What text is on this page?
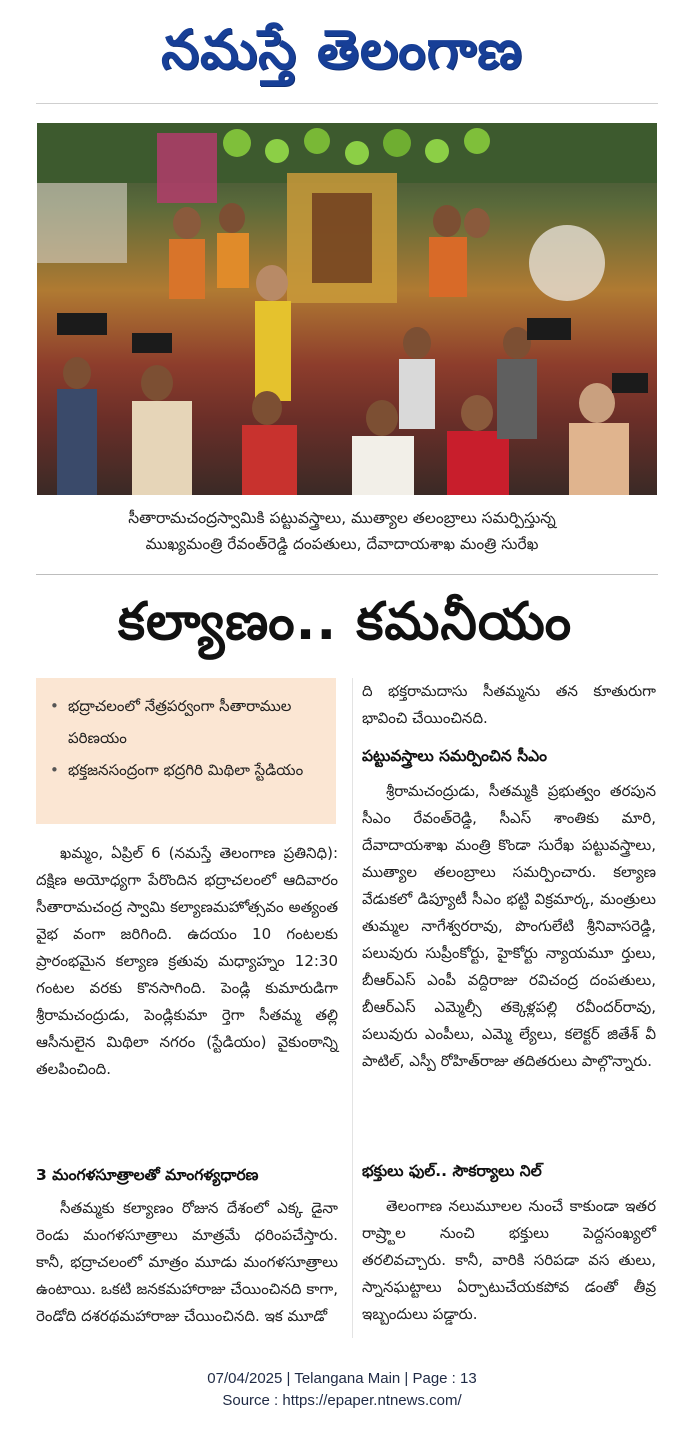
నమస్తే తెలంగాణ
సీతారామచంద్రస్వామికి పట్టువస్త్రాలు, ముత్యాల తలంబ్రాలు సమర్పిస్తున్న
ముఖ్యమంత్రి రేవంత్‌రెడ్డి దంపతులు, దేవాదాయశాఖ మంత్రి సురేఖ
కల్యాణం.. కమనీయం
• భద్రాచలంలో నేత్రపర్వంగా సీతారాముల పరిణయం
• భక్తజనసంద్రంగా భద్రగిరి మిథిలా స్టేడియం

ఖమ్మం, ఏప్రిల్ 6 (నమస్తే తెలంగాణ ప్రతినిధి): దక్షిణ అయోధ్యగా పేరొందిన భద్రాచలంలో ఆదివారం సీతారామచంద్ర స్వామి కల్యాణమహోత్సవం అత్యంత వైభ వంగా జరిగింది. ఉదయం 10 గంటలకు ప్రారంభమైన కల్యాణ క్రతువు మధ్యాహ్నం 12:30 గంటల వరకు కొనసాగింది. పెండ్లి కుమారుడిగా శ్రీరామచంద్రుడు, పెండ్లికుమా ర్తెగా సీతమ్మ తల్లి ఆసీనులైన మిథిలా నగరం (స్టేడియం) వైకుంఠాన్ని తలపించింది.

3 మంగళసూత్రాలతో మాంగళ్యధారణ

సీతమ్మకు కల్యాణం రోజున దేశంలో ఎక్క డైనా రెండు మంగళసూత్రాలు మాత్రమే ధరింపచేస్తారు. కానీ, భద్రాచలంలో మాత్రం మూడు మంగళసూత్రాలు ఉంటాయి. ఒకటి జనకమహారాజు చేయించినది కాగా, రెండోది దశరథమహారాజు చేయించినది. ఇక మూడో

ది భక్తరామదాసు సీతమ్మను తన కూతురుగా భావించి చేయించినది.

పట్టువస్త్రాలు సమర్పించిన సీఎం

శ్రీరామచంద్రుడు, సీతమ్మకి ప్రభుత్వం తరపున సీఎం రేవంత్‌రెడ్డి, సీఎస్ శాంతికు మారి, దేవాదాయశాఖ మంత్రి కొండా సురేఖ పట్టువస్త్రాలు, ముత్యాల తలంబ్రాలు సమర్పించారు. కల్యాణ వేడుకలో డిప్యూటీ సీఎం భట్టి విక్రమార్క, మంత్రులు తుమ్మల నాగేశ్వరరావు, పొంగులేటి శ్రీనివాసరెడ్డి, పలువురు సుప్రీంకోర్టు, హైకోర్టు న్యాయమూ ర్తులు, బీఆర్‌ఎస్ ఎంపీ వద్దిరాజు రవిచంద్ర దంపతులు, బీఆర్‌ఎస్ ఎమ్మెల్సీ తక్కెళ్లపల్లి రవీందర్‌రావు, పలువురు ఎంపీలు, ఎమ్మె ల్యేలు, కలెక్టర్ జితేశ్ వీ పాటిల్, ఎస్పీ రోహిత్‌రాజు తదితరులు పాల్గొన్నారు.

భక్తులు ఫుల్.. సౌకర్యాలు నిల్

తెలంగాణ నలుమూలల నుంచే కాకుండా ఇతర రాష్ర్టాల నుంచి భక్తులు పెద్దసంఖ్యలో తరలివచ్చారు. కానీ, వారికి సరిపడా వస తులు, స్నానఘట్టాలు ఏర్పాటుచేయకపోవ డంతో తీవ్ర ఇబ్బందులు పడ్డారు.

07/04/2025 | Telangana Main | Page : 13
Source : https://epaper.ntnews.com/
